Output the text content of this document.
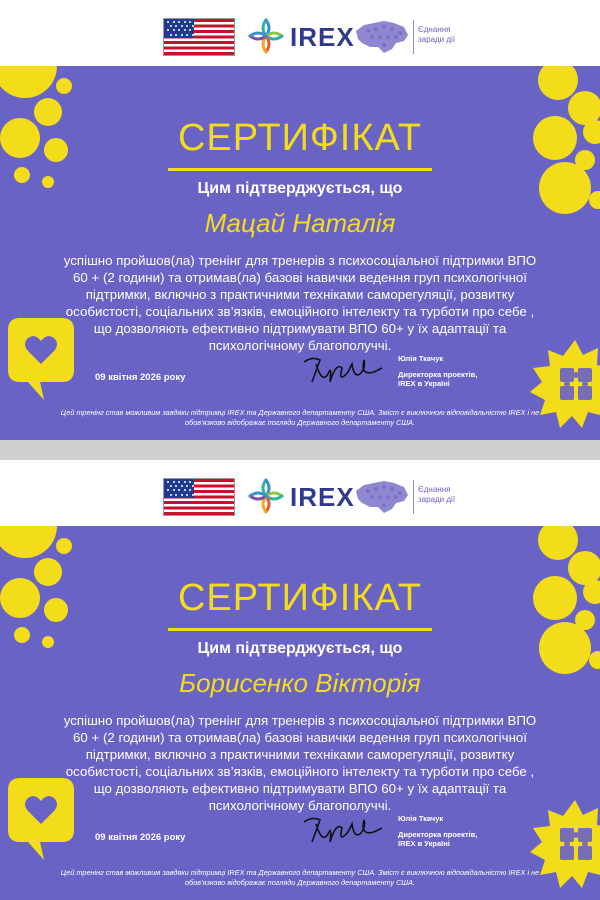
IREX	Єднання
заради дії
СЕРТИФІКАТ
Цим підтверджується, що
Мацай Наталія
успішно пройшов(ла) тренінг для тренерів з психосоціальної підтримки ВПО 60 + (2 години) та отримав(ла) базові навички ведення груп психологічної підтримки, включно з практичними техніками саморегуляції, розвитку особистості, соціальних зв’язків, емоційного інтелекту та турботи про себе , що дозволяють ефективно підтримувати ВПО 60+ у їх адаптації та психологічному благополуччі.
09 квітня 2026 року
Юлія Ткачук
Директорка проектів,
IREX в Україні
Цей тренінг став можливим завдяки підтримці IREX та Державного департаменту США. Зміст є виключною відповідальністю IREX і не обов’язково відображає погляди Державного департаменту США.
IREX	Єднання
заради дії
СЕРТИФІКАТ
Цим підтверджується, що
Борисенко Вікторія
успішно пройшов(ла) тренінг для тренерів з психосоціальної підтримки ВПО 60 + (2 години) та отримав(ла) базові навички ведення груп психологічної підтримки, включно з практичними техніками саморегуляції, розвитку особистості, соціальних зв’язків, емоційного інтелекту та турботи про себе , що дозволяють ефективно підтримувати ВПО 60+ у їх адаптації та психологічному благополуччі.
09 квітня 2026 року
Юлія Ткачук
Директорка проектів,
IREX в Україні
Цей тренінг став можливим завдяки підтримці IREX та Державного департаменту США. Зміст є виключною відповідальністю IREX і не обов’язково відображає погляди Державного департаменту США.
